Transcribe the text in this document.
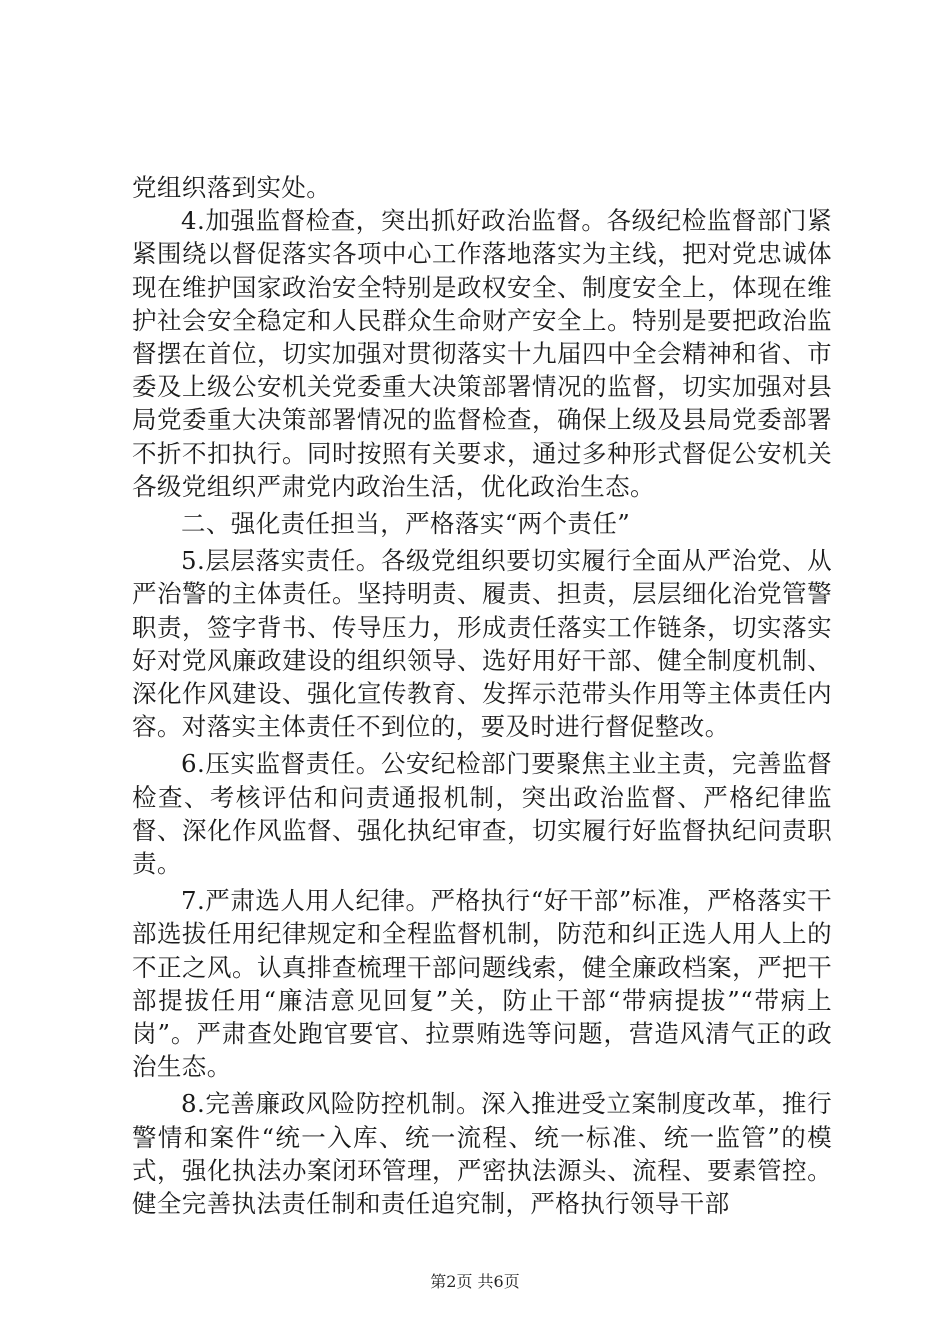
党组织落到实处。

4.加强监督检查，突出抓好政治监督。各级纪检监督部门紧紧围绕以督促落实各项中心工作落地落实为主线，把对党忠诚体现在维护国家政治安全特别是政权安全、制度安全上，体现在维护社会安全稳定和人民群众生命财产安全上。特别是要把政治监督摆在首位，切实加强对贯彻落实十九届四中全会精神和省、市委及上级公安机关党委重大决策部署情况的监督，切实加强对县局党委重大决策部署情况的监督检查，确保上级及县局党委部署不折不扣执行。同时按照有关要求，通过多种形式督促公安机关各级党组织严肃党内政治生活，优化政治生态。

二、强化责任担当，严格落实“两个责任”

5.层层落实责任。各级党组织要切实履行全面从严治党、从严治警的主体责任。坚持明责、履责、担责，层层细化治党管警职责，签字背书、传导压力，形成责任落实工作链条，切实落实好对党风廉政建设的组织领导、选好用好干部、健全制度机制、深化作风建设、强化宣传教育、发挥示范带头作用等主体责任内容。对落实主体责任不到位的，要及时进行督促整改。

6.压实监督责任。公安纪检部门要聚焦主业主责，完善监督检查、考核评估和问责通报机制，突出政治监督、严格纪律监督、深化作风监督、强化执纪审查，切实履行好监督执纪问责职责。

7.严肃选人用人纪律。严格执行“好干部”标准，严格落实干部选拔任用纪律规定和全程监督机制，防范和纠正选人用人上的不正之风。认真排查梳理干部问题线索，健全廉政档案，严把干部提拔任用“廉洁意见回复”关，防止干部“带病提拔”“带病上岗”。严肃查处跑官要官、拉票贿选等问题，营造风清气正的政治生态。

8.完善廉政风险防控机制。深入推进受立案制度改革，推行警情和案件“统一入库、统一流程、统一标准、统一监管”的模式，强化执法办案闭环管理，严密执法源头、流程、要素管控。健全完善执法责任制和责任追究制，严格执行领导干部

第2页 共6页
